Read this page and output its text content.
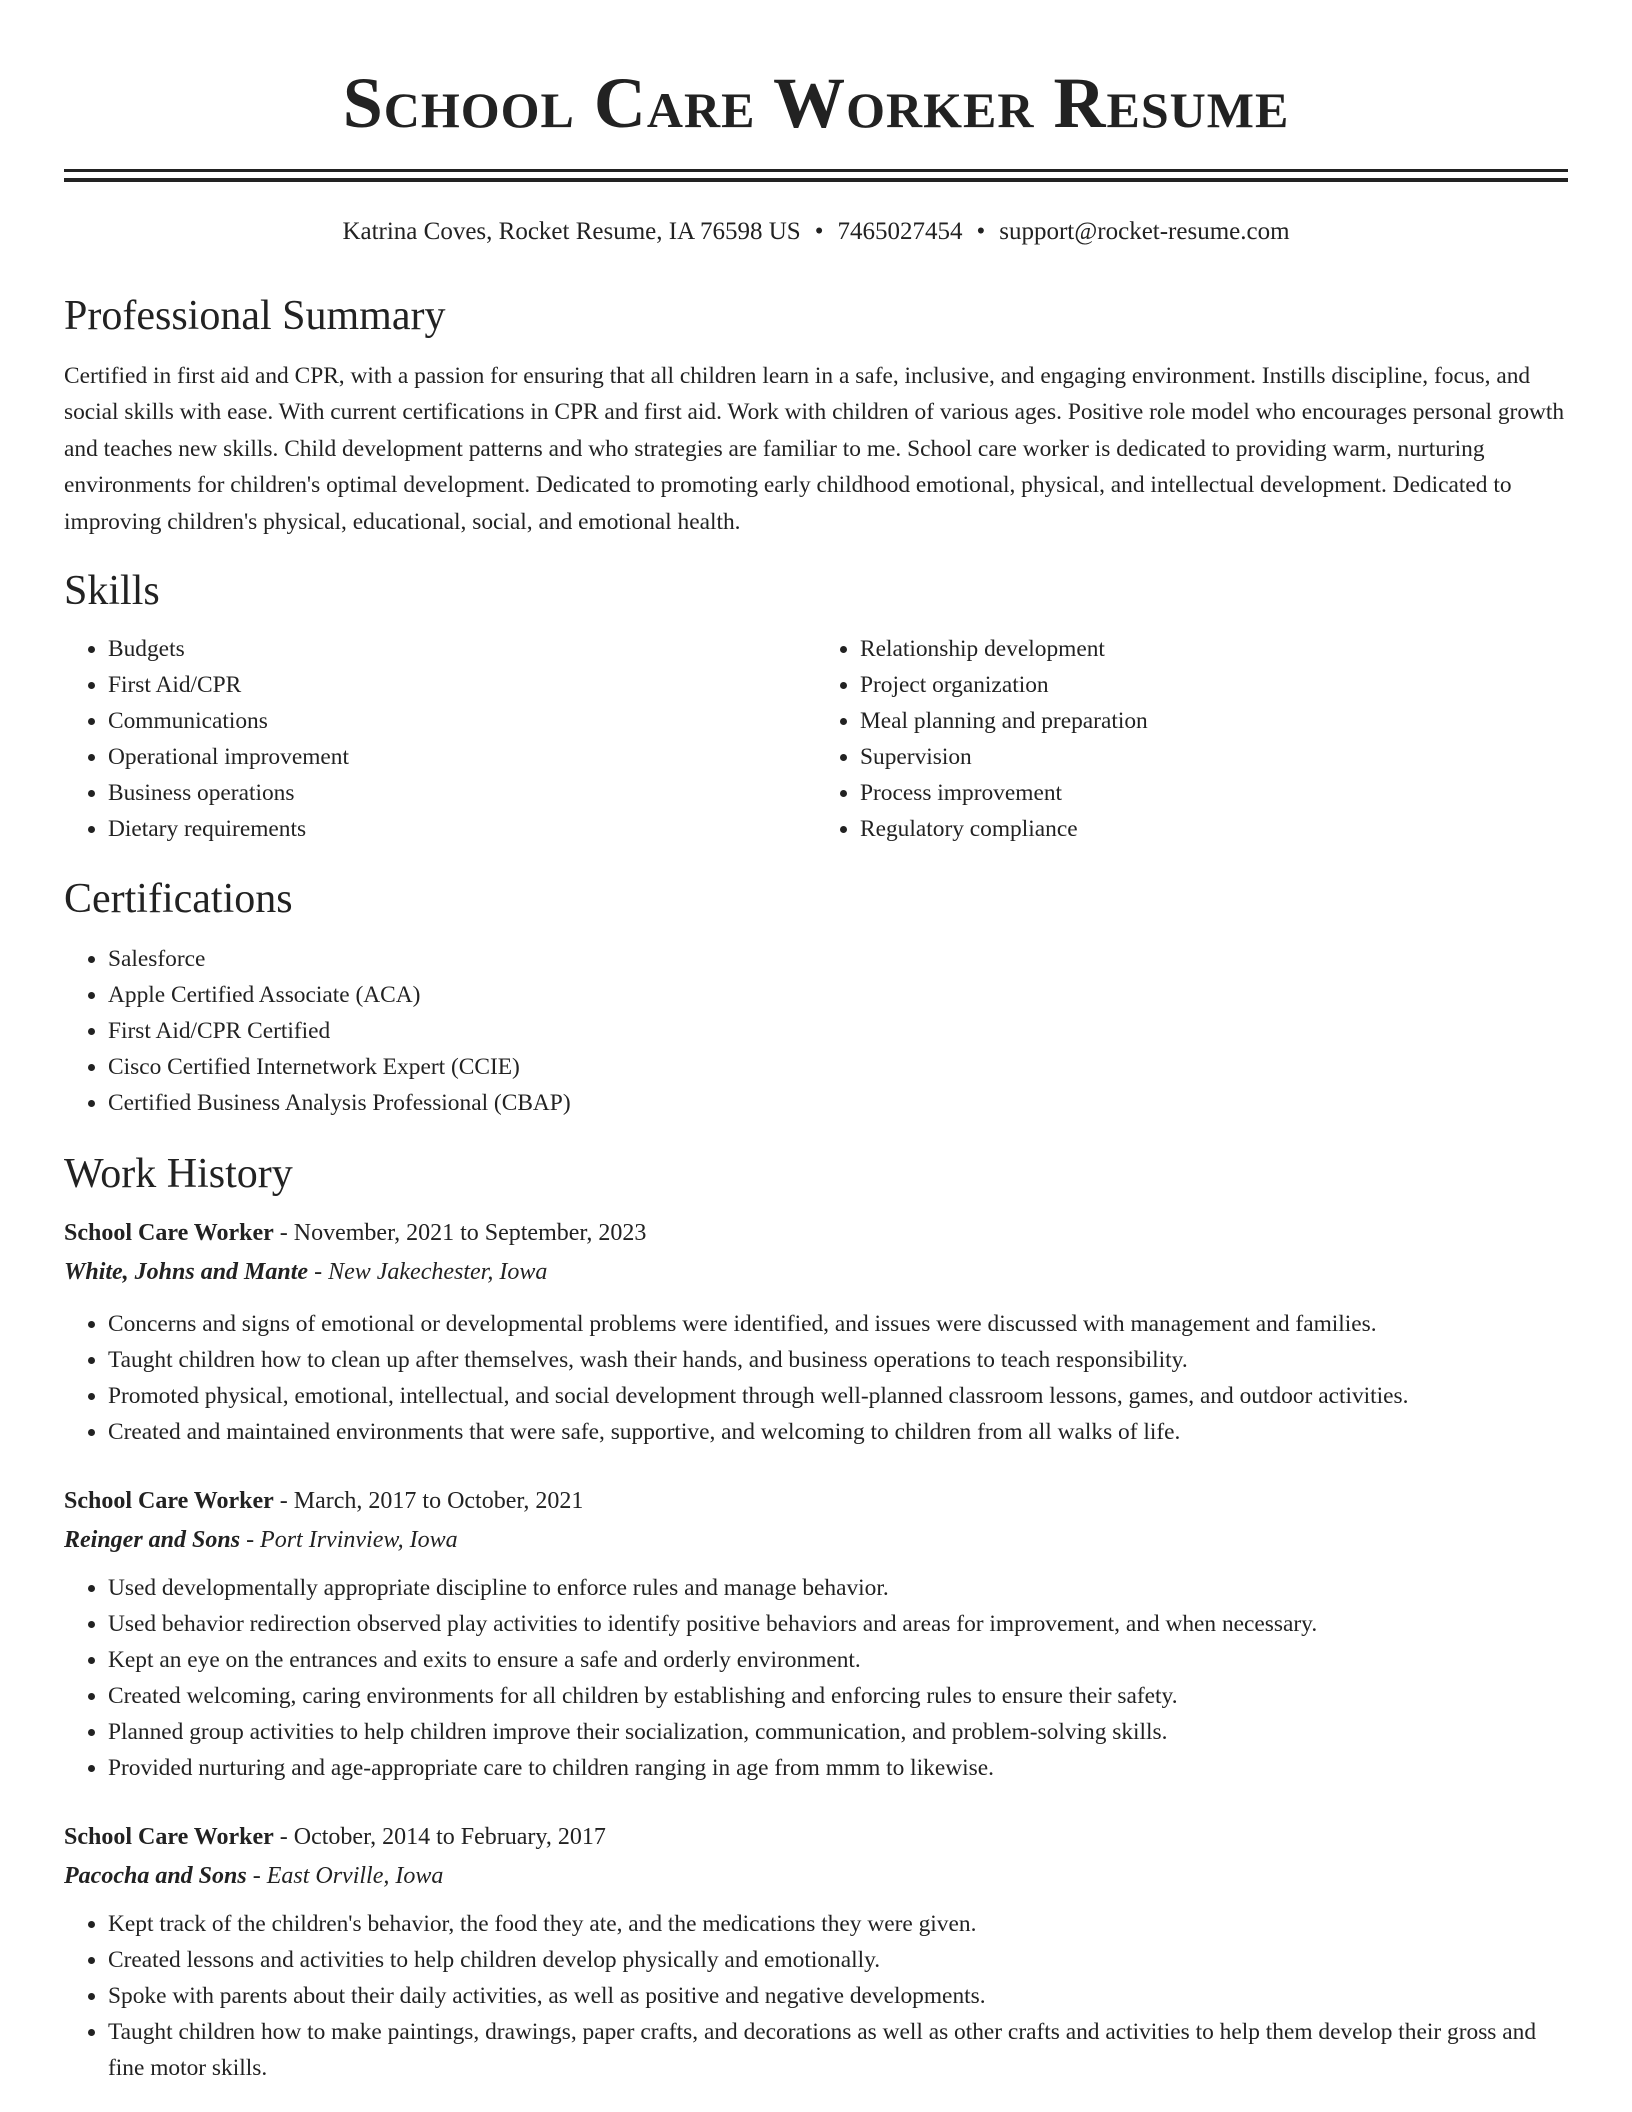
School Care Worker Resume
Katrina Coves, Rocket Resume, IA 76598 US • 7465027454 • support@rocket-resume.com
Professional Summary

Certified in first aid and CPR, with a passion for ensuring that all children learn in a safe, inclusive, and engaging environment. Instills discipline, focus, and social skills with ease. With current certifications in CPR and first aid. Work with children of various ages. Positive role model who encourages personal growth and teaches new skills. Child development patterns and who strategies are familiar to me. School care worker is dedicated to providing warm, nurturing environments for children's optimal development. Dedicated to promoting early childhood emotional, physical, and intellectual development. Dedicated to improving children's physical, educational, social, and emotional health.

Skills
• Budgets
• First Aid/CPR
• Communications
• Operational improvement
• Business operations
• Dietary requirements
• Relationship development
• Project organization
• Meal planning and preparation
• Supervision
• Process improvement
• Regulatory compliance
Certifications
• Salesforce
• Apple Certified Associate (ACA)
• First Aid/CPR Certified
• Cisco Certified Internetwork Expert (CCIE)
• Certified Business Analysis Professional (CBAP)
Work History
School Care Worker - November, 2021 to September, 2023
White, Johns and Mante - New Jakechester, Iowa
• Concerns and signs of emotional or developmental problems were identified, and issues were discussed with management and families.
• Taught children how to clean up after themselves, wash their hands, and business operations to teach responsibility.
• Promoted physical, emotional, intellectual, and social development through well-planned classroom lessons, games, and outdoor activities.
• Created and maintained environments that were safe, supportive, and welcoming to children from all walks of life.
School Care Worker - March, 2017 to October, 2021
Reinger and Sons - Port Irvinview, Iowa
• Used developmentally appropriate discipline to enforce rules and manage behavior.
• Used behavior redirection observed play activities to identify positive behaviors and areas for improvement, and when necessary.
• Kept an eye on the entrances and exits to ensure a safe and orderly environment.
• Created welcoming, caring environments for all children by establishing and enforcing rules to ensure their safety.
• Planned group activities to help children improve their socialization, communication, and problem-solving skills.
• Provided nurturing and age-appropriate care to children ranging in age from mmm to likewise.
School Care Worker - October, 2014 to February, 2017
Pacocha and Sons - East Orville, Iowa
• Kept track of the children's behavior, the food they ate, and the medications they were given.
• Created lessons and activities to help children develop physically and emotionally.
• Spoke with parents about their daily activities, as well as positive and negative developments.
• Taught children how to make paintings, drawings, paper crafts, and decorations as well as other crafts and activities to help them develop their gross and fine motor skills.
